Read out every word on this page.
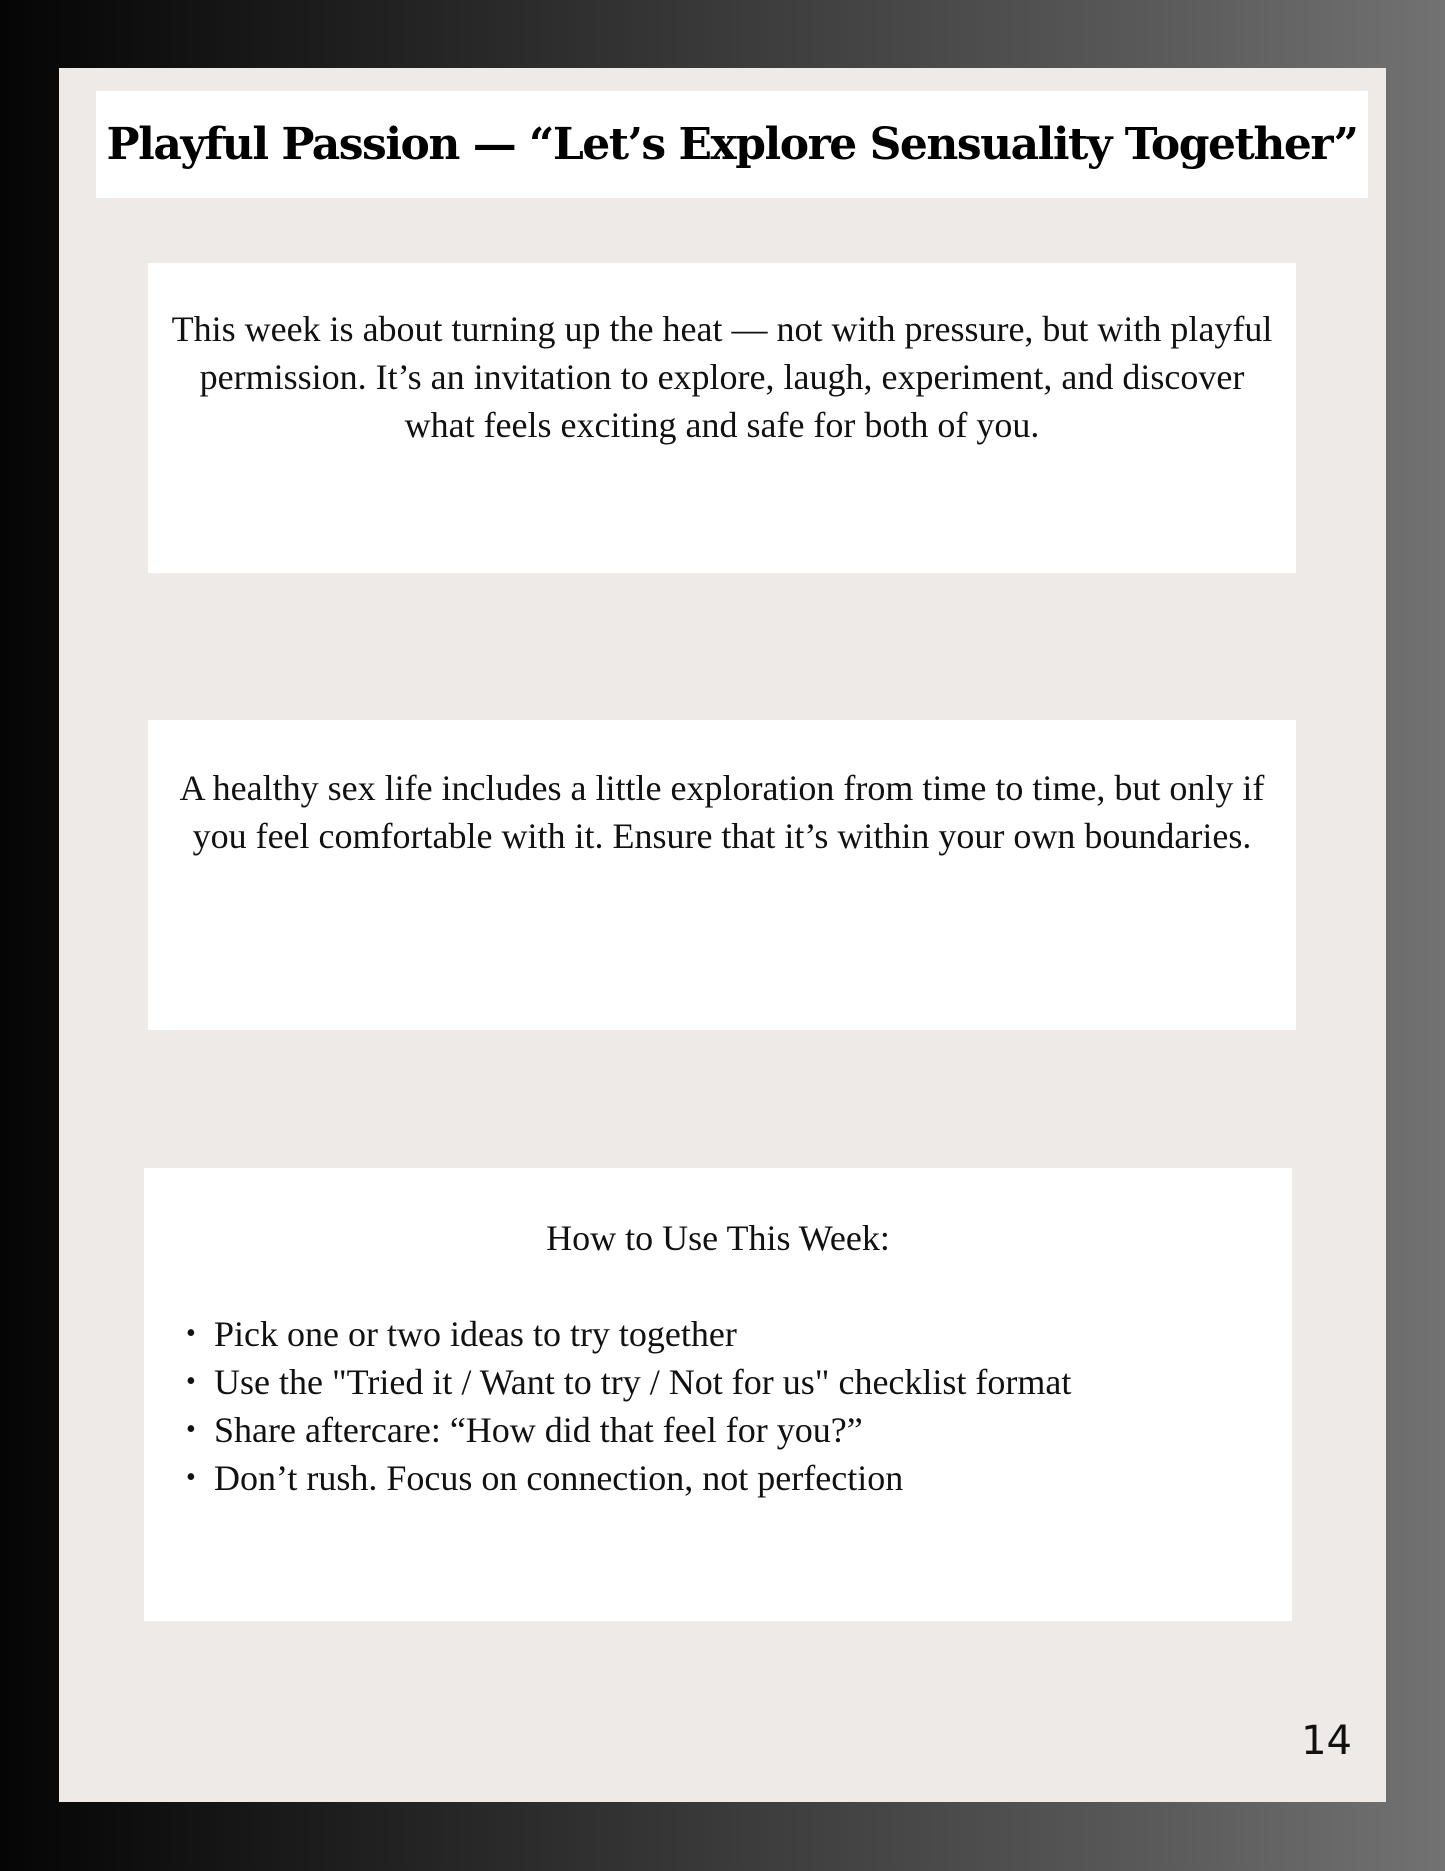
Playful Passion — “Let’s Explore Sensuality Together”

This week is about turning up the heat — not with pressure, but with playful permission. It’s an invitation to explore, laugh, experiment, and discover what feels exciting and safe for both of you.

A healthy sex life includes a little exploration from time to time, but only if you feel comfortable with it. Ensure that it’s within your own boundaries.

How to Use This Week:

• Pick one or two ideas to try together
• Use the "Tried it / Want to try / Not for us" checklist format
• Share aftercare: “How did that feel for you?”
• Don’t rush. Focus on connection, not perfection

14
